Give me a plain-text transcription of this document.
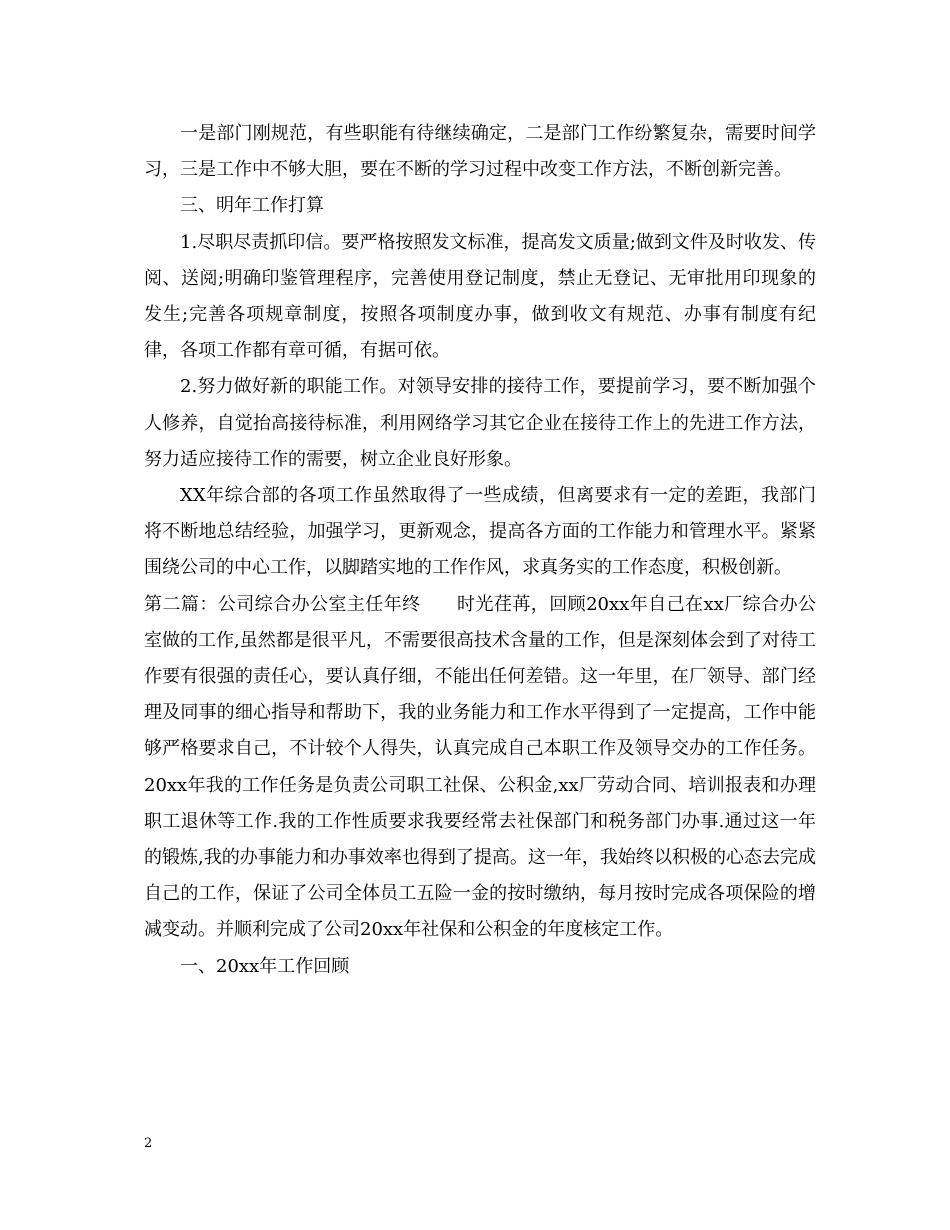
一是部门刚规范，有些职能有待继续确定，二是部门工作纷繁复杂，需要时间学习，三是工作中不够大胆，要在不断的学习过程中改变工作方法，不断创新完善。

三、明年工作打算

1.尽职尽责抓印信。要严格按照发文标准，提高发文质量;做到文件及时收发、传阅、送阅;明确印鉴管理程序，完善使用登记制度，禁止无登记、无审批用印现象的发生;完善各项规章制度，按照各项制度办事，做到收文有规范、办事有制度有纪律，各项工作都有章可循，有据可依。

2.努力做好新的职能工作。对领导安排的接待工作，要提前学习，要不断加强个人修养，自觉抬高接待标准，利用网络学习其它企业在接待工作上的先进工作方法，努力适应接待工作的需要，树立企业良好形象。

XX年综合部的各项工作虽然取得了一些成绩，但离要求有一定的差距，我部门将不断地总结经验，加强学习，更新观念，提高各方面的工作能力和管理水平。紧紧围绕公司的中心工作，以脚踏实地的工作作风，求真务实的工作态度，积极创新。

第二篇：公司综合办公室主任年终 时光荏苒，回顾20xx年自己在xx厂综合办公室做的工作,虽然都是很平凡，不需要很高技术含量的工作，但是深刻体会到了对待工作要有很强的责任心，要认真仔细，不能出任何差错。这一年里，在厂领导、部门经理及同事的细心指导和帮助下，我的业务能力和工作水平得到了一定提高，工作中能够严格要求自己，不计较个人得失，认真完成自己本职工作及领导交办的工作任务。20xx年我的工作任务是负责公司职工社保、公积金,xx厂劳动合同、培训报表和办理职工退休等工作.我的工作性质要求我要经常去社保部门和税务部门办事.通过这一年的锻炼,我的办事能力和办事效率也得到了提高。这一年，我始终以积极的心态去完成自己的工作，保证了公司全体员工五险一金的按时缴纳，每月按时完成各项保险的增减变动。并顺利完成了公司20xx年社保和公积金的年度核定工作。

一、20xx年工作回顾

2
